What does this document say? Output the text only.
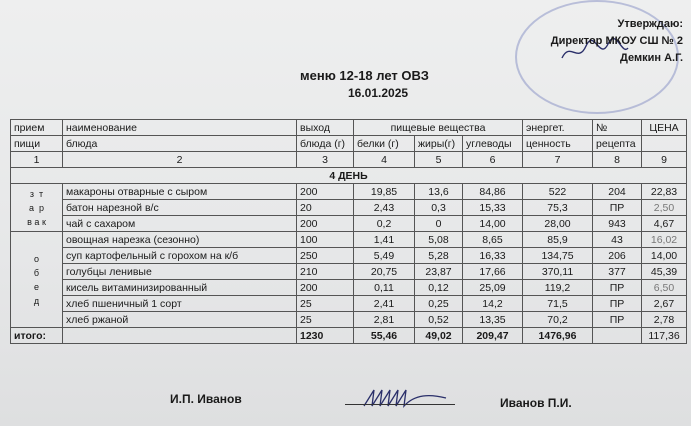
Утверждаю:
Директор МКОУ СШ № 2
Демкин А.Г.
меню 12-18 лет ОВЗ
16.01.2025
прием	наименование	выход	пищевые вещества			энергет.	№	ЦЕНА
пищи	блюда	блюда (г)	белки (г)	жиры(г)	углеводы	ценность	рецепта	
1	2	3	4	5	6	7	8	9
4 ДЕНЬ								
з т
а р
в а к	макароны отварные с сыром	200	19,85	13,6	84,86	522	204	22,83
	батон нарезной в/с	20	2,43	0,3	15,33	75,3	ПР	2,50
	чай с сахаром	200	0,2	0	14,00	28,00	943	4,67
о
б
е
д	овощная нарезка (сезонно)	100	1,41	5,08	8,65	85,9	43	16,02
	суп картофельный с горохом на к/б	250	5,49	5,28	16,33	134,75	206	14,00
	голубцы ленивые	210	20,75	23,87	17,66	370,11	377	45,39
	кисель витаминизированный	200	0,11	0,12	25,09	119,2	ПР	6,50
	хлеб пшеничный 1 сорт	25	2,41	0,25	14,2	71,5	ПР	2,67
	хлеб ржаной	25	2,81	0,52	13,35	70,2	ПР	2,78
итого:		1230	55,46	49,02	209,47	1476,96		117,36
И.П. Иванов	Иванов П.И.
